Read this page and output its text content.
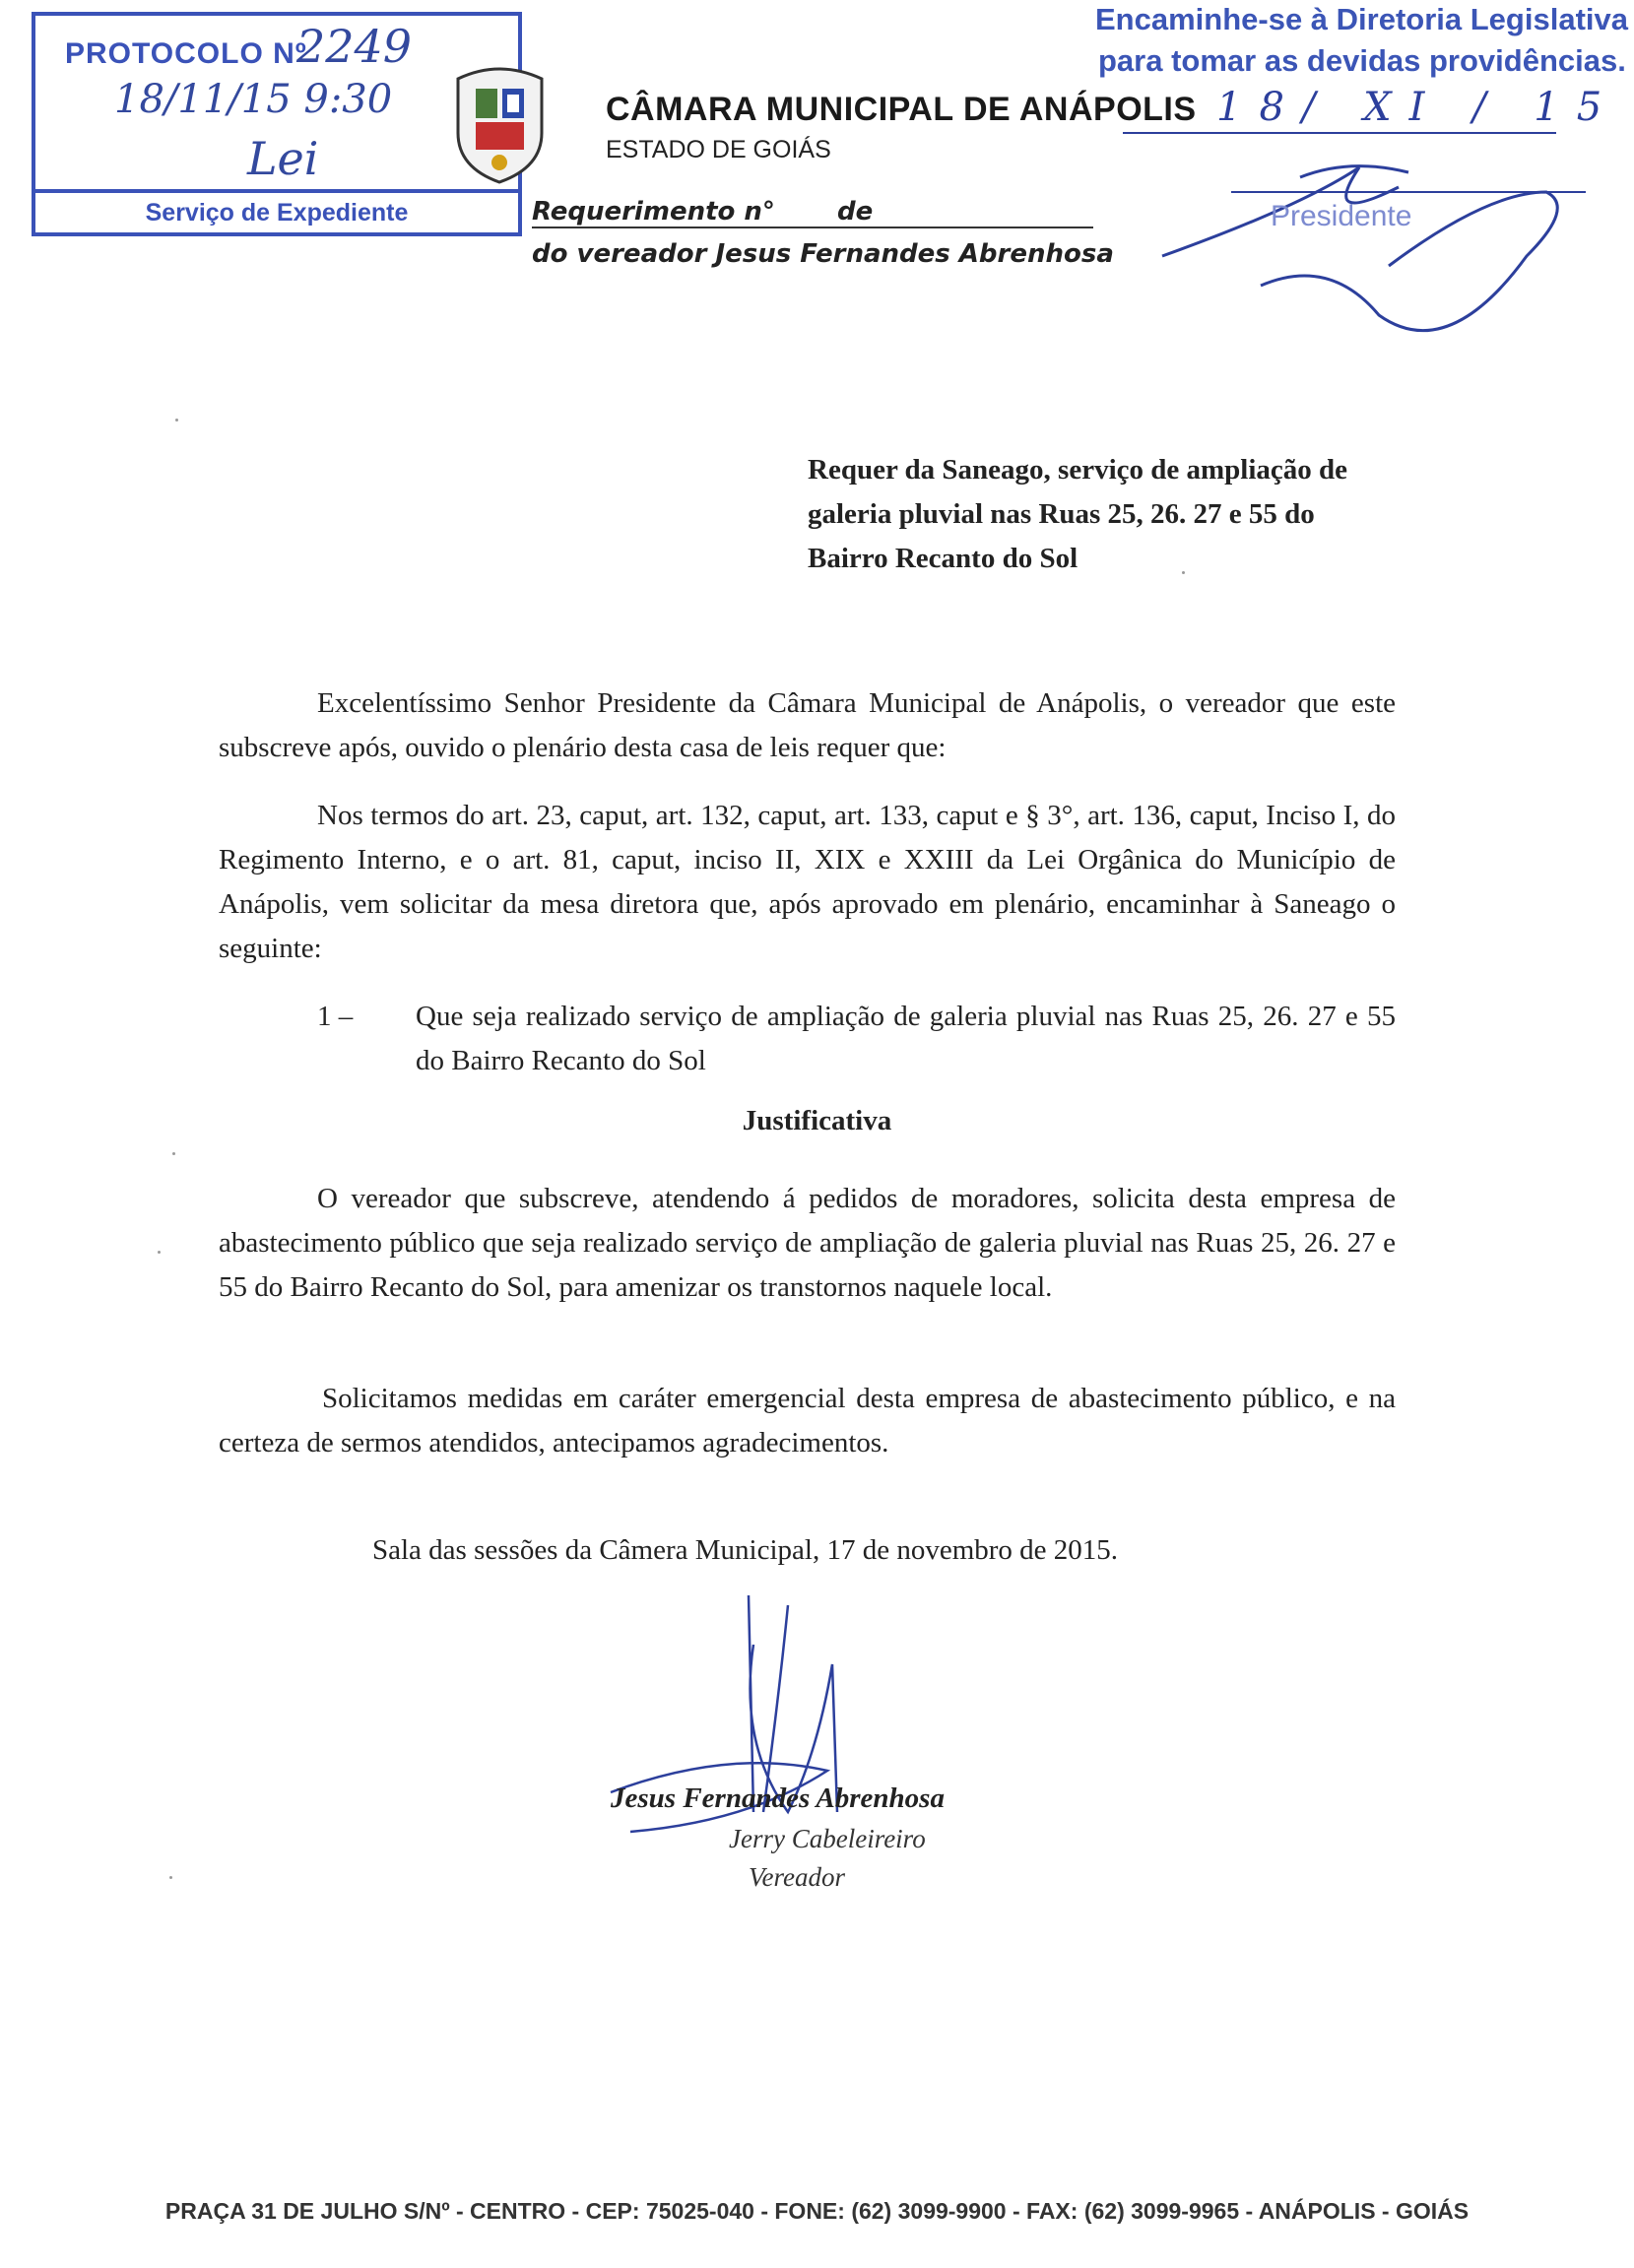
PROTOCOLO Nº
2249
18/11/15 9:30
Lei
Serviço de Expediente
CÂMARA MUNICIPAL DE ANÁPOLIS
ESTADO DE GOIÁS
Requerimento n° de
do vereador Jesus Fernandes Abrenhosa
Encaminhe-se à Diretoria Legislativa
para tomar as devidas providências.
18/ XI / 15
Presidente
Requer da Saneago, serviço de ampliação de galeria pluvial nas Ruas 25, 26. 27 e 55 do Bairro Recanto do Sol
Excelentíssimo Senhor Presidente da Câmara Municipal de Anápolis, o vereador que este subscreve após, ouvido o plenário desta casa de leis requer que:
Nos termos do art. 23, caput, art. 132, caput, art. 133, caput e § 3°, art. 136, caput, Inciso I, do Regimento Interno, e o art. 81, caput, inciso II, XIX e XXIII da Lei Orgânica do Município de Anápolis, vem solicitar da mesa diretora que, após aprovado em plenário, encaminhar à Saneago o seguinte:
1 – Que seja realizado serviço de ampliação de galeria pluvial nas Ruas 25, 26. 27 e 55 do Bairro Recanto do Sol
Justificativa
O vereador que subscreve, atendendo á pedidos de moradores, solicita desta empresa de abastecimento público que seja realizado serviço de ampliação de galeria pluvial nas Ruas 25, 26. 27 e 55 do Bairro Recanto do Sol, para amenizar os transtornos naquele local.
Solicitamos medidas em caráter emergencial desta empresa de abastecimento público, e na certeza de sermos atendidos, antecipamos agradecimentos.
Sala das sessões da Câmera Municipal, 17 de novembro de 2015.
Jesus Fernandes Abrenhosa
Jerry Cabeleireiro
Vereador
PRAÇA 31 DE JULHO S/Nº - CENTRO - CEP: 75025-040 - FONE: (62) 3099-9900 - FAX: (62) 3099-9965 - ANÁPOLIS - GOIÁS
